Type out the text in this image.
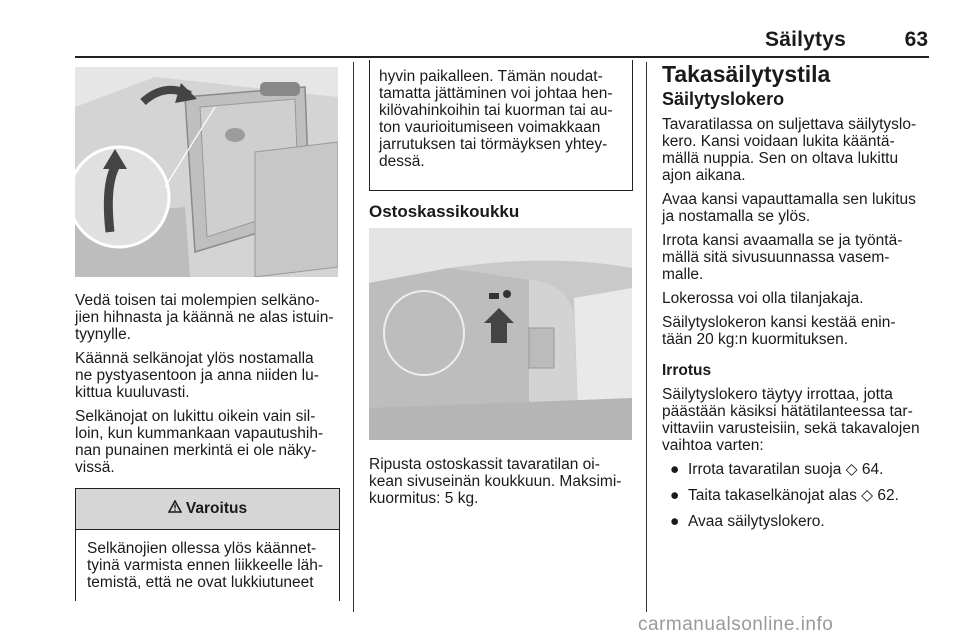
Säilytys	63

Vedä toisen tai molempien selkäno-
jien hihnasta ja käännä ne alas istuin-
tyynylle.

Käännä selkänojat ylös nostamalla
ne pystyasentoon ja anna niiden lu-
kittua kuuluvasti.

Selkänojat on lukittu oikein vain sil-
loin, kun kummankaan vapautushih-
nan punainen merkintä ei ole näky-
vissä.

Varoitus
Selkänojien ollessa ylös käännet-
tyinä varmista ennen liikkeelle läh-
temistä, että ne ovat lukkiutuneet
hyvin paikalleen. Tämän noudat-
tamatta jättäminen voi johtaa hen-
kilövahinkoihin tai kuorman tai au-
ton vaurioitumiseen voimakkaan
jarrutuksen tai törmäyksen yhtey-
dessä.
Ostoskassikoukku

Ripusta ostoskassit tavaratilan oi-
kean sivuseinän koukkuun. Maksimi-
kuormitus: 5 kg.

Takasäilytystila

Säilytyslokero

Tavaratilassa on suljettava säilytyslo-
kero. Kansi voidaan lukita kääntä-
mällä nuppia. Sen on oltava lukittu
ajon aikana.

Avaa kansi vapauttamalla sen lukitus
ja nostamalla se ylös.

Irrota kansi avaamalla se ja työntä-
mällä sitä sivusuunnassa vasem-
malle.

Lokerossa voi olla tilanjakaja.

Säilytyslokeron kansi kestää enin-
tään 20 kg:n kuormituksen.

Irrotus

Säilytyslokero täytyy irrottaa, jotta
päästään käsiksi hätätilanteessa tar-
vittaviin varusteisiin, sekä takavalojen
vaihtoa varten:

● Irrota tavaratilan suoja ◇ 64.
● Taita takaselkänojat alas ◇ 62.
● Avaa säilytyslokero.
carmanualsonline.info
